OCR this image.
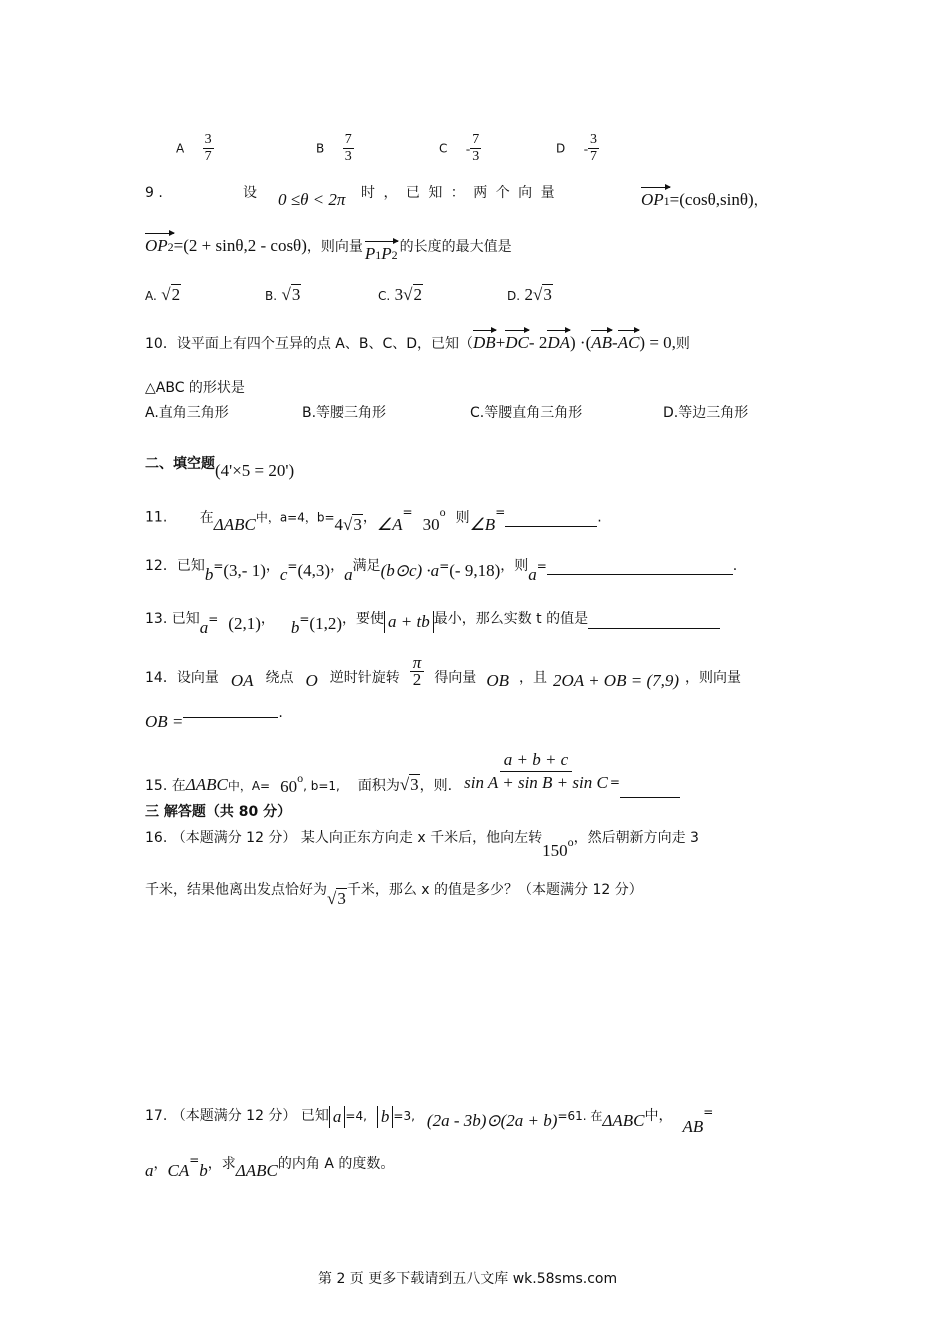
A $\frac{3}{7}$	B $\frac{7}{3}$	C - $\frac{7}{3}$	D - $\frac{3}{7}$
9 .	设 0 ≤θ < 2π 时 ， 已 知 ： 两 个 向 量	OP1=(cosθ,sinθ)，
OP2=(2 + sinθ,2 - cosθ)，则向量 P1P2 的长度的最大值是
A. √2	B. √3	C. 3√2	D. 2√3
10．设平面上有四个互异的点 A、B、C、D，已知（DB+DC- 2DA) ·(AB-AC) = 0,则
△ABC 的形状是
A.直角三角形	B.等腰三角形	C.等腰直角三角形	D.等边三角形
二、填空题(4'×5 = 20')
11. 在ΔABC中，a=4，b=4√3，∠A=30o 则∠B=	.
12．已知b=(3,- 1)，c=(4,3)，a满足(b⊙c) ·a=(- 9,18)，则a=	.
13. 已知a= (2,1)， b=(1,2)，要使 a + tb 最小，那么实数 t 的值是
14．设向量 OA 绕点 O 逆时针旋转 $\frac{\pi}{2}$ 得向量 OB ，且 2OA + OB = (7,9) ，则向量
OB =	.
15. 在ΔABC中，A= 60o, b=1, 面积为√3，则. $\frac{a + b + c}{\text{sin A + sin B + sin C}}$ =
三 解答题（共 80 分）
16. （本题满分 12 分） 某人向正东方向走 x 千米后，他向左转150o，然后朝新方向走 3
千米，结果他离出发点恰好为√3千米，那么 x 的值是多少？（本题满分 12 分）
17. （本题满分 12 分） 已知 a =4, b =3, (2a - 3b)⊙(2a + b)=61. 在ΔABC中，AB=
a，CA=b，求ΔABC的内角 A 的度数。
第 2 页 更多下载请到五八文库 wk.58sms.com
